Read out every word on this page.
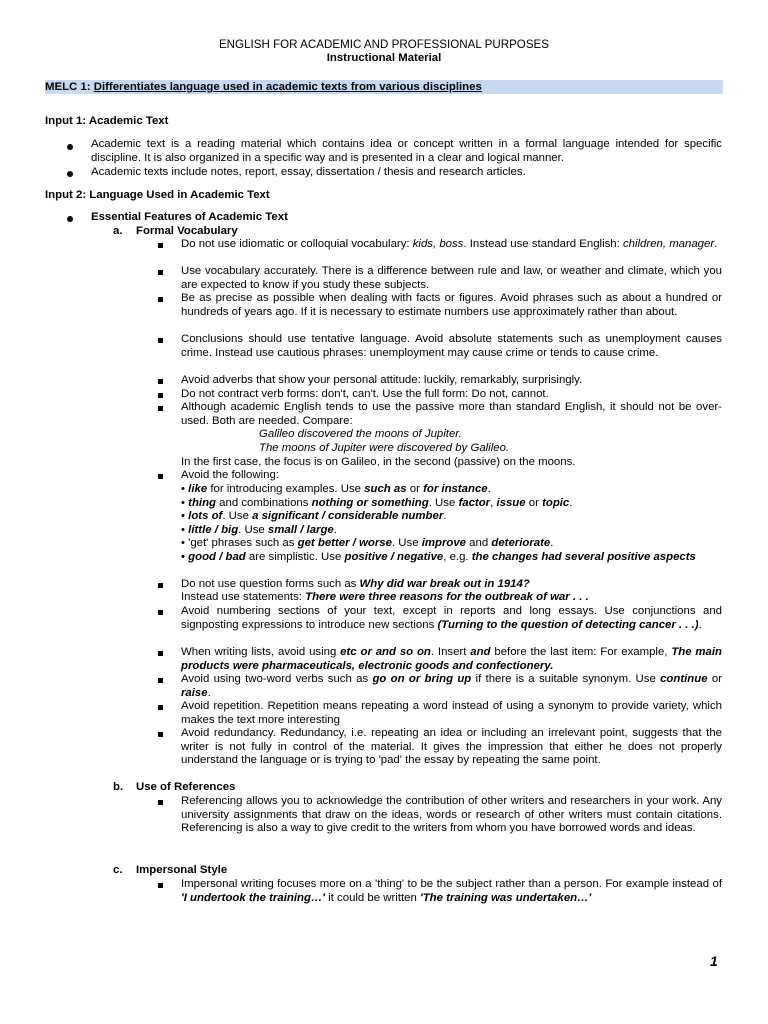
ENGLISH FOR ACADEMIC AND PROFESSIONAL PURPOSES
Instructional Material
MELC 1: Differentiates language used in academic texts from various disciplines
Input 1: Academic Text
Academic text is a reading material which contains idea or concept written in a formal language intended for specific discipline. It is also organized in a specific way and is presented in a clear and logical manner.
Academic texts include notes, report, essay, dissertation / thesis and research articles.
Input 2: Language Used in Academic Text
Essential Features of Academic Text
a. Formal Vocabulary
Do not use idiomatic or colloquial vocabulary: kids, boss. Instead use standard English: children, manager.
Use vocabulary accurately. There is a difference between rule and law, or weather and climate, which you are expected to know if you study these subjects.
Be as precise as possible when dealing with facts or figures. Avoid phrases such as about a hundred or hundreds of years ago. If it is necessary to estimate numbers use approximately rather than about.
Conclusions should use tentative language. Avoid absolute statements such as unemployment causes crime. Instead use cautious phrases: unemployment may cause crime or tends to cause crime.
Avoid adverbs that show your personal attitude: luckily, remarkably, surprisingly.
Do not contract verb forms: don't, can't. Use the full form: Do not, cannot.
Although academic English tends to use the passive more than standard English, it should not be over-used. Both are needed. Compare:
Galileo discovered the moons of Jupiter.
The moons of Jupiter were discovered by Galileo.
In the first case, the focus is on Galileo, in the second (passive) on the moons.
Avoid the following:
• like for introducing examples. Use such as or for instance.
• thing and combinations nothing or something. Use factor, issue or topic.
• lots of. Use a significant / considerable number.
• little / big. Use small / large.
• 'get' phrases such as get better / worse. Use improve and deteriorate.
• good / bad are simplistic. Use positive / negative, e.g. the changes had several positive aspects
Do not use question forms such as Why did war break out in 1914?
Instead use statements: There were three reasons for the outbreak of war . . .
Avoid numbering sections of your text, except in reports and long essays. Use conjunctions and signposting expressions to introduce new sections (Turning to the question of detecting cancer . . .).
When writing lists, avoid using etc or and so on. Insert and before the last item: For example, The main products were pharmaceuticals, electronic goods and confectionery.
Avoid using two-word verbs such as go on or bring up if there is a suitable synonym. Use continue or raise.
Avoid repetition. Repetition means repeating a word instead of using a synonym to provide variety, which makes the text more interesting
Avoid redundancy. Redundancy, i.e. repeating an idea or including an irrelevant point, suggests that the writer is not fully in control of the material. It gives the impression that either he does not properly understand the language or is trying to 'pad' the essay by repeating the same point.
b. Use of References
Referencing allows you to acknowledge the contribution of other writers and researchers in your work. Any university assignments that draw on the ideas, words or research of other writers must contain citations. Referencing is also a way to give credit to the writers from whom you have borrowed words and ideas.
c. Impersonal Style
Impersonal writing focuses more on a 'thing' to be the subject rather than a person. For example instead of 'I undertook the training…' it could be written 'The training was undertaken…'
1
